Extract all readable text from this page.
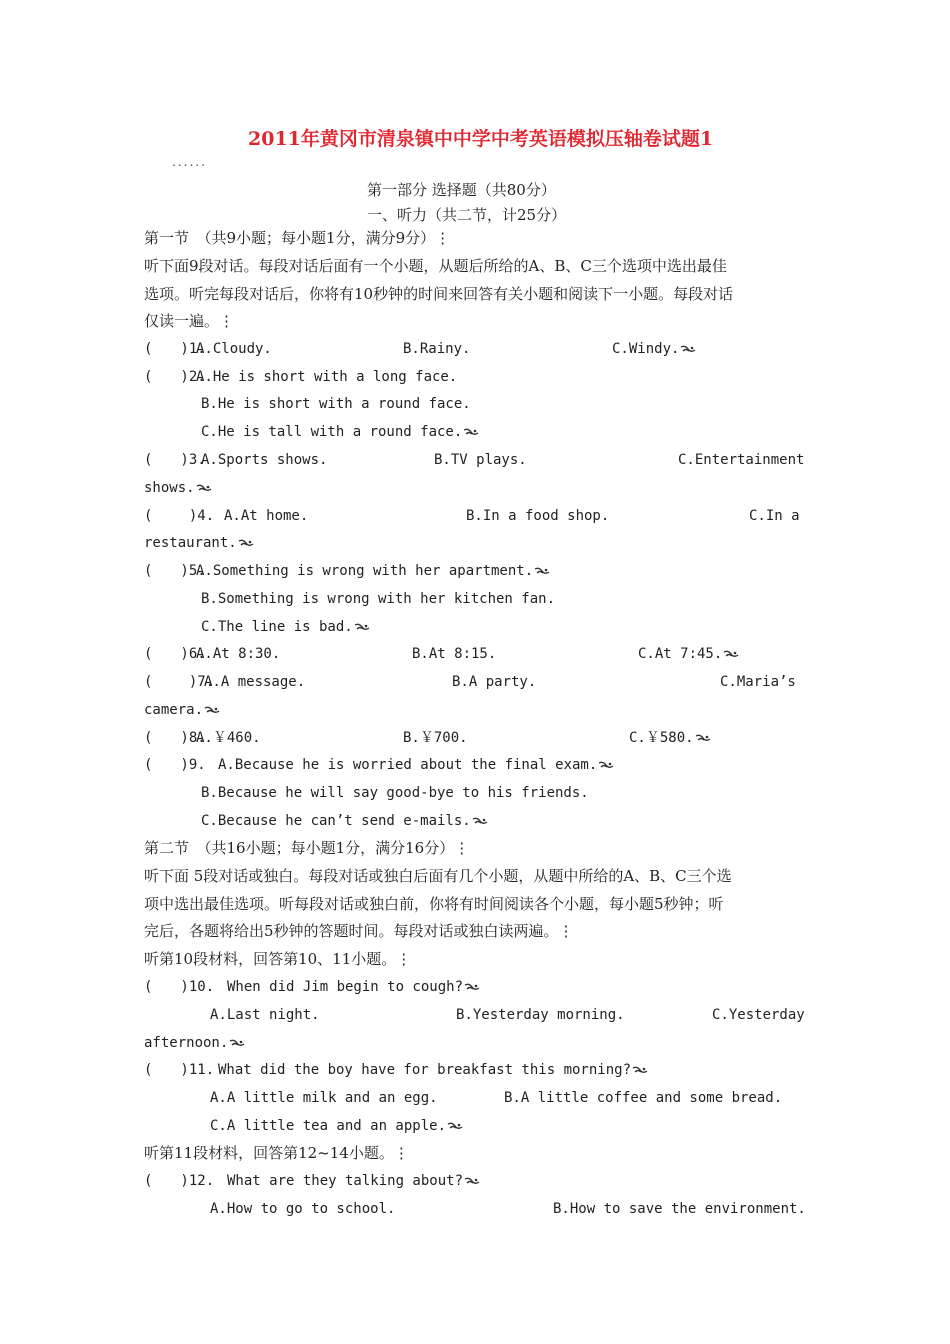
2011年黄冈市清泉镇中中学中考英语模拟压轴卷试题1
......
第一部分 选择题（共80分）
一、听力（共二节，计25分）
第一节　（共9小题；每小题1分，满分9分）⋮
听下面9段对话。每段对话后面有一个小题，从题后所给的A、B、C三个选项中选出最佳
选项。听完每段对话后，你将有10秒钟的时间来回答有关小题和阅读下一小题。每段对话
仅读一遍。⋮
(　　)1.
A.Cloudy.	B.Rainy.	C.Windy.
(　　)2.
A.He is short with a long face.
B.He is short with a round face.
C.He is tall with a round face.
(　　)3.
A.Sports shows.	B.TV plays.	C.Entertainment
shows.
(　　 )4. A.At home.	B.In a food shop.	C.In a
restaurant.
(　　)5.
A.Something is wrong with her apartment.
B.Something is wrong with her kitchen fan.
C.The line is bad.
(　　)6.
A.At 8:30.	B.At 8:15.	C.At 7:45.
(　　 )7.
A.A message.	B.A party.	C.Maria’s
camera.
(　　)8.
A.￥460.	B.￥700.	C.￥580.
(　　)9. A.Because he is worried about the final exam.
B.Because he will say good-bye to his friends.
C.Because he can’t send e-mails.
第二节　（共16小题；每小题1分，满分16分）⋮
听下面 5段对话或独白。每段对话或独白后面有几个小题，从题中所给的A、B、C三个选
项中选出最佳选项。听每段对话或独白前，你将有时间阅读各个小题，每小题5秒钟；听
完后，各题将给出5秒钟的答题时间。每段对话或独白读两遍。⋮
听第10段材料，回答第10、11小题。⋮
(　　)10. When did Jim begin to cough?
A.Last night.	B.Yesterday morning.	C.Yesterday
afternoon.
(　　)11. What did the boy have for breakfast this morning?
A.A little milk and an egg.	B.A little coffee and some bread.
C.A little tea and an apple.
听第11段材料，回答第12~14小题。⋮
(　　)12. What are they talking about?
A.How to go to school.	B.How to save the environment.
